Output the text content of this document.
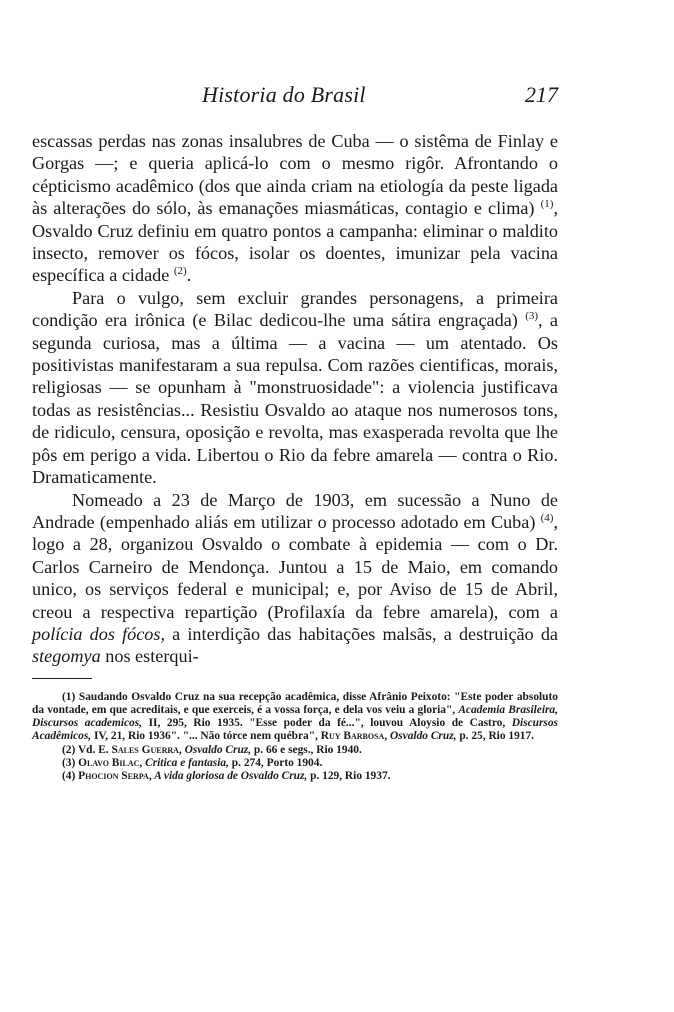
Historia do Brasil	217

escassas perdas nas zonas insalubres de Cuba — o sistêma de Finlay e Gorgas —; e queria aplicá-lo com o mesmo rigôr. Afrontando o cépticismo acadêmico (dos que ainda criam na etiología da peste ligada às alterações do sólo, às emanações miasmáticas, contagio e clima) $^{(1)}$, Osvaldo Cruz definiu em quatro pontos a campanha: eliminar o maldito insecto, remover os fócos, isolar os doentes, imunizar pela vacina específica a cidade $^{(2)}$.

Para o vulgo, sem excluir grandes personagens, a primeira condição era irônica (e Bilac dedicou-lhe uma sátira engraçada) $^{(3)}$, a segunda curiosa, mas a última — a vacina — um atentado. Os positivistas manifestaram a sua repulsa. Com razões cientificas, morais, religiosas — se opunham à "monstruosidade": a violencia justificava todas as resistências... Resistiu Osvaldo ao ataque nos numerosos tons, de ridiculo, censura, oposição e revolta, mas exasperada revolta que lhe pôs em perigo a vida. Libertou o Rio da febre amarela — contra o Rio. Dramaticamente.

Nomeado a 23 de Março de 1903, em sucessão a Nuno de Andrade (empenhado aliás em utilizar o processo adotado em Cuba) $^{(4)}$, logo a 28, organizou Osvaldo o combate à epidemia — com o Dr. Carlos Carneiro de Mendonça. Juntou a 15 de Maio, em comando unico, os serviços federal e municipal; e, por Aviso de 15 de Abril, creou a respectiva repartição (Profilaxía da febre amarela), com a polícia dos fócos, a interdição das habitações malsãs, a destruição da stegomya nos esterqui-

(1) Saudando Osvaldo Cruz na sua recepção acadêmica, disse Afrânio Peixoto: "Este poder absoluto da vontade, em que acreditais, e que exerceis, é a vossa força, e dela vos veiu a gloria", Academia Brasileira, Discursos academicos, II, 295, Rio 1935. "Esse poder da fé...", louvou Aloysio de Castro, Discursos Acadêmicos, IV, 21, Rio 1936". "... Não tórce nem québra", Ruy Barbosa, Osvaldo Cruz, p. 25, Rio 1917.

(2) Vd. E. Sales Guerra, Osvaldo Cruz, p. 66 e segs., Rio 1940.

(3) Olavo Bilac, Critica e fantasia, p. 274, Porto 1904.

(4) Phocion Serpa, A vida gloriosa de Osvaldo Cruz, p. 129, Rio 1937.
